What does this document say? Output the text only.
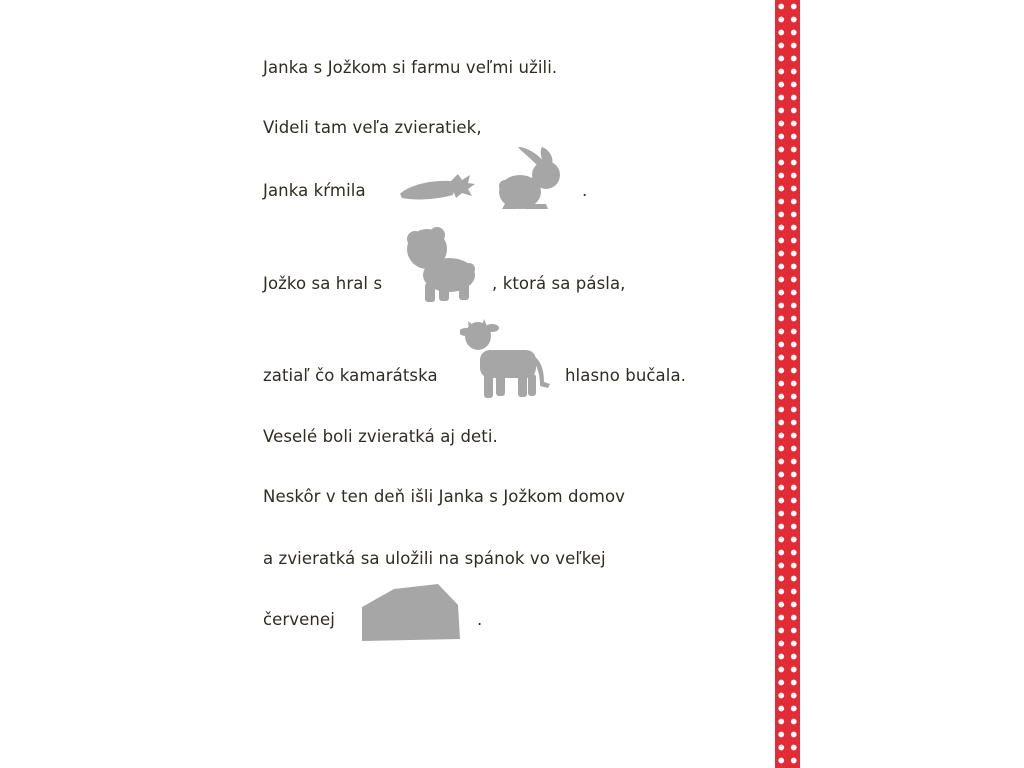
Janka s Jožkom si farmu veľmi užili.
Videli tam veľa zvieratiek,
Janka kŕmila	.
Jožko sa hral s	, ktorá sa pásla,
zatiaľ čo kamarátska	hlasno bučala.
Veselé boli zvieratká aj deti.
Neskôr v ten deň išli Janka s Jožkom domov
a zvieratká sa uložili na spánok vo veľkej
červenej	.
